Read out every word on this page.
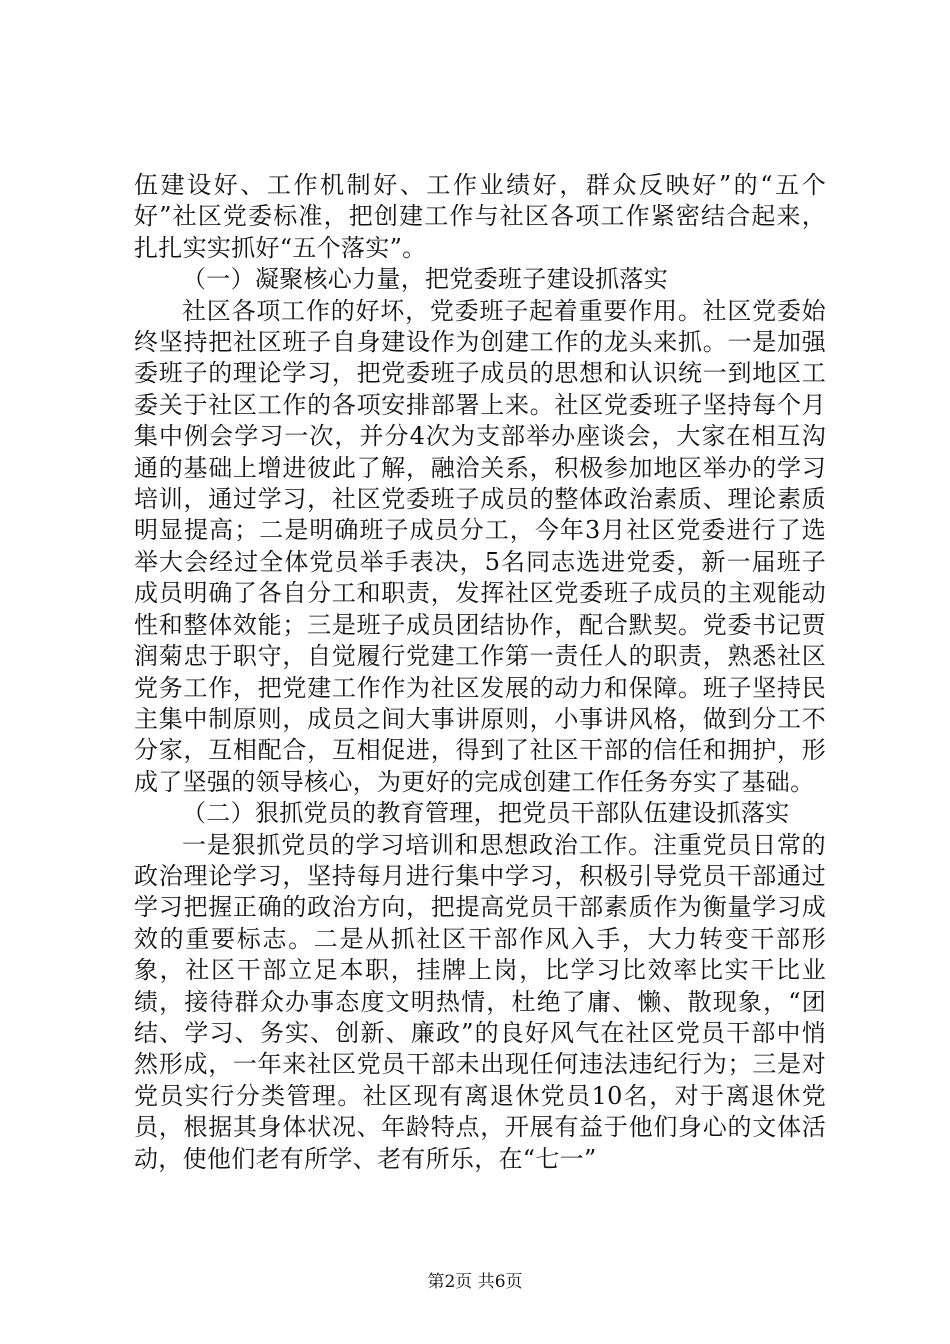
伍建设好、工作机制好、工作业绩好，群众反映好”的“五个好”社区党委标准，把创建工作与社区各项工作紧密结合起来，扎扎实实抓好“五个落实”。

（一）凝聚核心力量，把党委班子建设抓落实

社区各项工作的好坏，党委班子起着重要作用。社区党委始终坚持把社区班子自身建设作为创建工作的龙头来抓。一是加强委班子的理论学习，把党委班子成员的思想和认识统一到地区工委关于社区工作的各项安排部署上来。社区党委班子坚持每个月集中例会学习一次，并分4次为支部举办座谈会，大家在相互沟通的基础上增进彼此了解，融洽关系，积极参加地区举办的学习培训，通过学习，社区党委班子成员的整体政治素质、理论素质明显提高；二是明确班子成员分工，今年3月社区党委进行了选举大会经过全体党员举手表决，5名同志选进党委，新一届班子成员明确了各自分工和职责，发挥社区党委班子成员的主观能动性和整体效能；三是班子成员团结协作，配合默契。党委书记贾润菊忠于职守，自觉履行党建工作第一责任人的职责，熟悉社区党务工作，把党建工作作为社区发展的动力和保障。班子坚持民主集中制原则，成员之间大事讲原则，小事讲风格，做到分工不分家，互相配合，互相促进，得到了社区干部的信任和拥护，形成了坚强的领导核心，为更好的完成创建工作任务夯实了基础。

（二）狠抓党员的教育管理，把党员干部队伍建设抓落实

一是狠抓党员的学习培训和思想政治工作。注重党员日常的政治理论学习，坚持每月进行集中学习，积极引导党员干部通过学习把握正确的政治方向，把提高党员干部素质作为衡量学习成效的重要标志。二是从抓社区干部作风入手，大力转变干部形象，社区干部立足本职，挂牌上岗，比学习比效率比实干比业绩，接待群众办事态度文明热情，杜绝了庸、懒、散现象，“团结、学习、务实、创新、廉政”的良好风气在社区党员干部中悄然形成，一年来社区党员干部未出现任何违法违纪行为；三是对党员实行分类管理。社区现有离退休党员10名，对于离退休党员，根据其身体状况、年龄特点，开展有益于他们身心的文体活动，使他们老有所学、老有所乐，在“七一”

第2页 共6页
